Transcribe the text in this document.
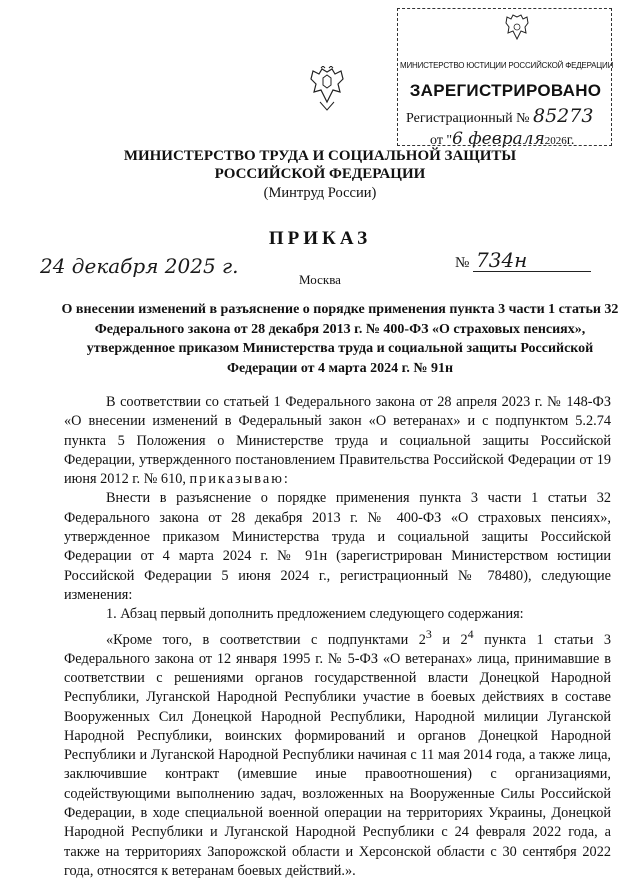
МИНИСТЕРСТВО ЮСТИЦИИ РОССИЙСКОЙ ФЕДЕРАЦИИ
ЗАРЕГИСТРИРОВАНО
Регистрационный № 85273
от "6 февраля2026г.
МИНИСТЕРСТВО ТРУДА И СОЦИАЛЬНОЙ ЗАЩИТЫ
РОССИЙСКОЙ ФЕДЕРАЦИИ
(Минтруд России)
ПРИКАЗ
24 декабря 2025 г.
Москва
№ 734н
О внесении изменений в разъяснение о порядке применения пункта 3 части 1 статьи 32 Федерального закона от 28 декабря 2013 г. № 400-ФЗ «О страховых пенсиях», утвержденное приказом Министерства труда и социальной защиты Российской Федерации от 4 марта 2024 г. № 91н

В соответствии со статьей 1 Федерального закона от 28 апреля 2023 г. № 148-ФЗ «О внесении изменений в Федеральный закон «О ветеранах» и с подпунктом 5.2.74 пункта 5 Положения о Министерстве труда и социальной защиты Российской Федерации, утвержденного постановлением Правительства Российской Федерации от 19 июня 2012 г. № 610, приказываю:

Внести в разъяснение о порядке применения пункта 3 части 1 статьи 32 Федерального закона от 28 декабря 2013 г. № 400-ФЗ «О страховых пенсиях», утвержденное приказом Министерства труда и социальной защиты Российской Федерации от 4 марта 2024 г. № 91н (зарегистрирован Министерством юстиции Российской Федерации 5 июня 2024 г., регистрационный № 78480), следующие изменения:

1. Абзац первый дополнить предложением следующего содержания:

«Кроме того, в соответствии с подпунктами $2^3$ и $2^4$ пункта 1 статьи 3 Федерального закона от 12 января 1995 г. № 5-ФЗ «О ветеранах» лица, принимавшие в соответствии с решениями органов государственной власти Донецкой Народной Республики, Луганской Народной Республики участие в боевых действиях в составе Вооруженных Сил Донецкой Народной Республики, Народной милиции Луганской Народной Республики, воинских формирований и органов Донецкой Народной Республики и Луганской Народной Республики начиная с 11 мая 2014 года, а также лица, заключившие контракт (имевшие иные правоотношения) с организациями, содействующими выполнению задач, возложенных на Вооруженные Силы Российской Федерации, в ходе специальной военной операции на территориях Украины, Донецкой Народной Республики и Луганской Народной Республики с 24 февраля 2022 года, а также на территориях Запорожской области и Херсонской области с 30 сентября 2022 года, относятся к ветеранам боевых действий.».
